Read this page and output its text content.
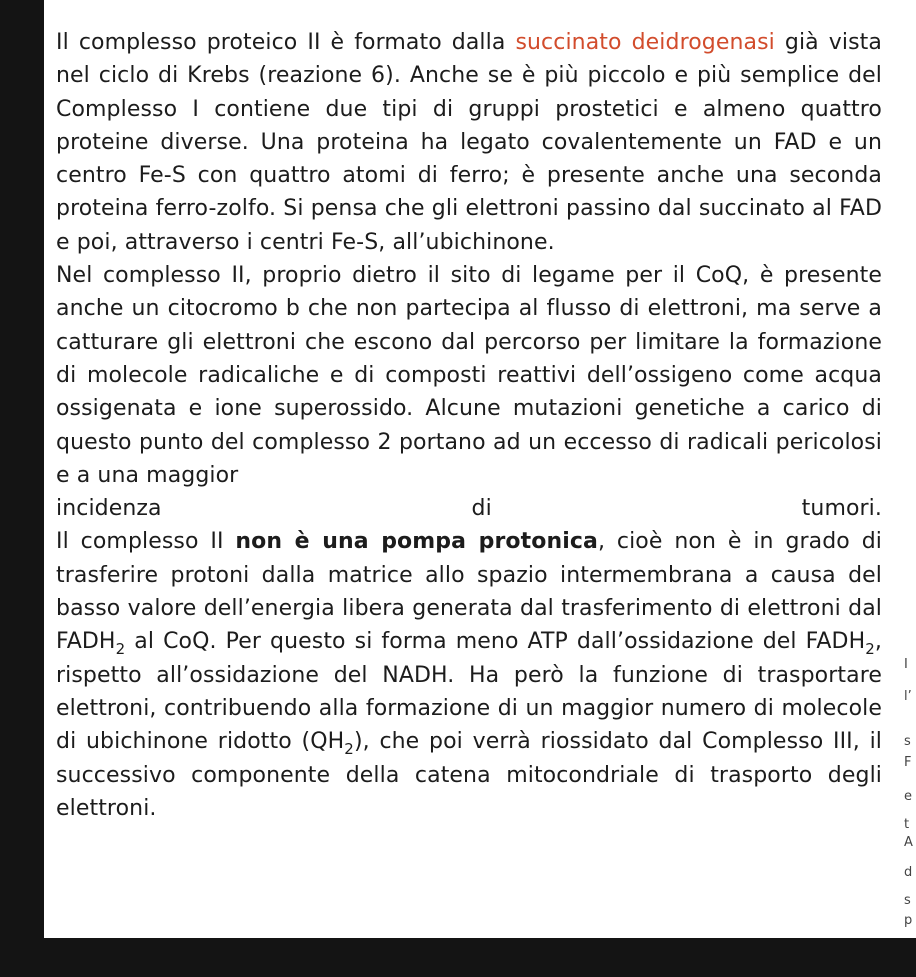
Il complesso proteico II è formato dalla succinato deidrogenasi già vista nel ciclo di Krebs (reazione 6). Anche se è più piccolo e più semplice del Complesso I contiene due tipi di gruppi prostetici e almeno quattro proteine diverse. Una proteina ha legato covalentemente un FAD e un centro Fe-S con quattro atomi di ferro; è presente anche una seconda proteina ferro-zolfo. Si pensa che gli elettroni passino dal succinato al FAD e poi, attraverso i centri Fe-S, all’ubichinone.

Nel complesso II, proprio dietro il sito di legame per il CoQ, è presente anche un citocromo b che non partecipa al flusso di elettroni, ma serve a catturare gli elettroni che escono dal percorso per limitare la formazione di molecole radicaliche e di composti reattivi dell’ossigeno come acqua ossigenata e ione superossido. Alcune mutazioni genetiche a carico di questo punto del complesso 2 portano ad un eccesso di radicali pericolosi e a una maggior

incidenza	di	tumori.

Il complesso II non è una pompa protonica, cioè non è in grado di trasferire protoni dalla matrice allo spazio intermembrana a causa del basso valore dell’energia libera generata dal trasferimento di elettroni dal $FADH_2$ al CoQ. Per questo si forma meno ATP dall’ossidazione del $FADH_2$, rispetto all’ossidazione del NADH. Ha però la funzione di trasportare elettroni, contribuendo alla formazione di un maggior numero di molecole di ubichinone ridotto $(QH_2)$, che poi verrà riossidato dal Complesso III, il successivo componente della catena mitocondriale di trasporto degli elettroni.

I
l’
s
F
e
t
A
d
s
p
